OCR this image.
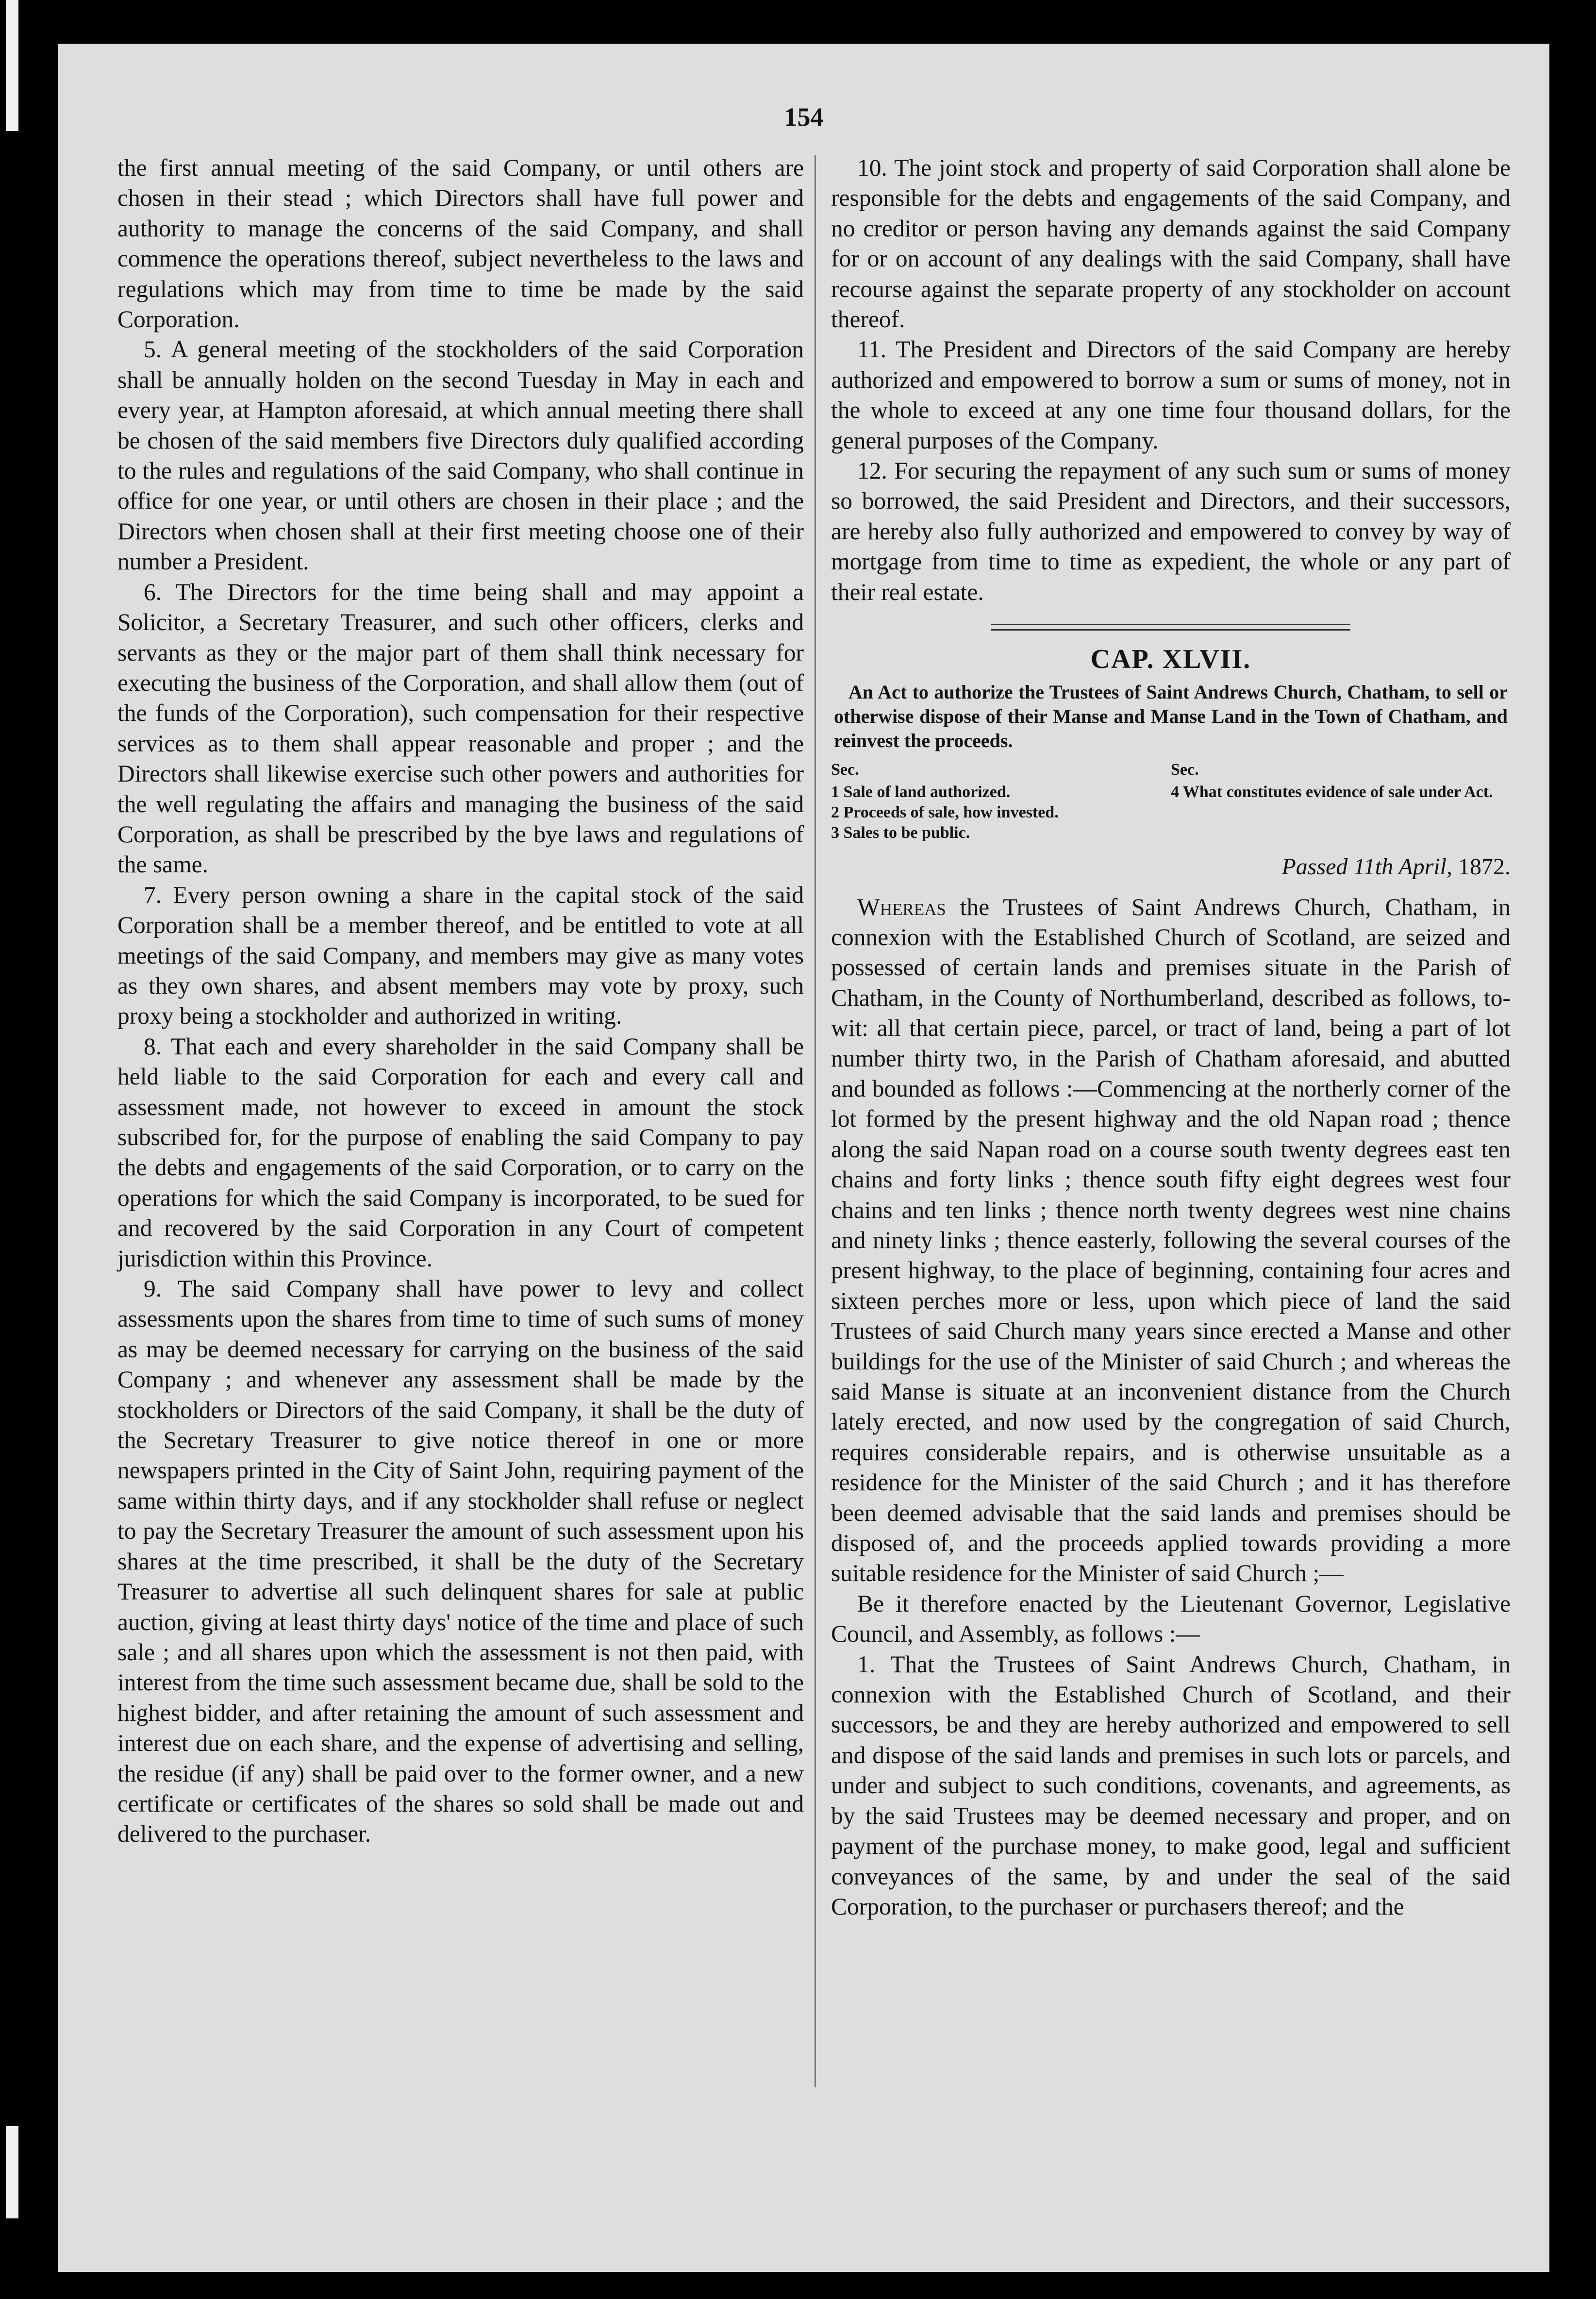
154

the first annual meeting of the said Company, or until others are chosen in their stead ; which Directors shall have full power and authority to manage the concerns of the said Company, and shall commence the operations thereof, subject nevertheless to the laws and regulations which may from time to time be made by the said Corporation.

5. A general meeting of the stockholders of the said Corporation shall be annually holden on the second Tuesday in May in each and every year, at Hampton aforesaid, at which annual meeting there shall be chosen of the said members five Directors duly qualified according to the rules and regulations of the said Company, who shall continue in office for one year, or until others are chosen in their place ; and the Directors when chosen shall at their first meeting choose one of their number a President.

6. The Directors for the time being shall and may appoint a Solicitor, a Secretary Treasurer, and such other officers, clerks and servants as they or the major part of them shall think necessary for executing the business of the Corporation, and shall allow them (out of the funds of the Corporation), such compensation for their respective services as to them shall appear reasonable and proper ; and the Directors shall likewise exercise such other powers and authorities for the well regulating the affairs and managing the business of the said Corporation, as shall be prescribed by the bye laws and regulations of the same.

7. Every person owning a share in the capital stock of the said Corporation shall be a member thereof, and be entitled to vote at all meetings of the said Company, and members may give as many votes as they own shares, and absent members may vote by proxy, such proxy being a stockholder and authorized in writing.

8. That each and every shareholder in the said Company shall be held liable to the said Corporation for each and every call and assessment made, not however to exceed in amount the stock subscribed for, for the purpose of enabling the said Company to pay the debts and engagements of the said Corporation, or to carry on the operations for which the said Company is incorporated, to be sued for and recovered by the said Corporation in any Court of competent jurisdiction within this Province.

9. The said Company shall have power to levy and collect assessments upon the shares from time to time of such sums of money as may be deemed necessary for carrying on the business of the said Company ; and whenever any assessment shall be made by the stockholders or Directors of the said Company, it shall be the duty of the Secretary Treasurer to give notice thereof in one or more newspapers printed in the City of Saint John, requiring payment of the same within thirty days, and if any stockholder shall refuse or neglect to pay the Secretary Treasurer the amount of such assessment upon his shares at the time prescribed, it shall be the duty of the Secretary Treasurer to advertise all such delinquent shares for sale at public auction, giving at least thirty days' notice of the time and place of such sale ; and all shares upon which the assessment is not then paid, with interest from the time such assessment became due, shall be sold to the highest bidder, and after retaining the amount of such assessment and interest due on each share, and the expense of advertising and selling, the residue (if any) shall be paid over to the former owner, and a new certificate or certificates of the shares so sold shall be made out and delivered to the purchaser.

10. The joint stock and property of said Corporation shall alone be responsible for the debts and engagements of the said Company, and no creditor or person having any demands against the said Company for or on account of any dealings with the said Company, shall have recourse against the separate property of any stockholder on account thereof.

11. The President and Directors of the said Company are hereby authorized and empowered to borrow a sum or sums of money, not in the whole to exceed at any one time four thousand dollars, for the general purposes of the Company.

12. For securing the repayment of any such sum or sums of money so borrowed, the said President and Directors, and their successors, are hereby also fully authorized and empowered to convey by way of mortgage from time to time as expedient, the whole or any part of their real estate.

CAP. XLVII.

An Act to authorize the Trustees of Saint Andrews Church, Chatham, to sell or otherwise dispose of their Manse and Manse Land in the Town of Chatham, and reinvest the proceeds.

Sec.
1 Sale of land authorized.
2 Proceeds of sale, how invested.
3 Sales to be public.
Sec.
4 What constitutes evidence of sale under Act.
Passed 11th April, 1872.

Whereas the Trustees of Saint Andrews Church, Chatham, in connexion with the Established Church of Scotland, are seized and possessed of certain lands and premises situate in the Parish of Chatham, in the County of Northumberland, described as follows, to-wit: all that certain piece, parcel, or tract of land, being a part of lot number thirty two, in the Parish of Chatham aforesaid, and abutted and bounded as follows :—Commencing at the northerly corner of the lot formed by the present highway and the old Napan road ; thence along the said Napan road on a course south twenty degrees east ten chains and forty links ; thence south fifty eight degrees west four chains and ten links ; thence north twenty degrees west nine chains and ninety links ; thence easterly, following the several courses of the present highway, to the place of beginning, containing four acres and sixteen perches more or less, upon which piece of land the said Trustees of said Church many years since erected a Manse and other buildings for the use of the Minister of said Church ; and whereas the said Manse is situate at an inconvenient distance from the Church lately erected, and now used by the congregation of said Church, requires considerable repairs, and is otherwise unsuitable as a residence for the Minister of the said Church ; and it has therefore been deemed advisable that the said lands and premises should be disposed of, and the proceeds applied towards providing a more suitable residence for the Minister of said Church ;—

Be it therefore enacted by the Lieutenant Governor, Legislative Council, and Assembly, as follows :—

1. That the Trustees of Saint Andrews Church, Chatham, in connexion with the Established Church of Scotland, and their successors, be and they are hereby authorized and empowered to sell and dispose of the said lands and premises in such lots or parcels, and under and subject to such conditions, covenants, and agreements, as by the said Trustees may be deemed necessary and proper, and on payment of the purchase money, to make good, legal and sufficient conveyances of the same, by and under the seal of the said Corporation, to the purchaser or purchasers thereof; and the
